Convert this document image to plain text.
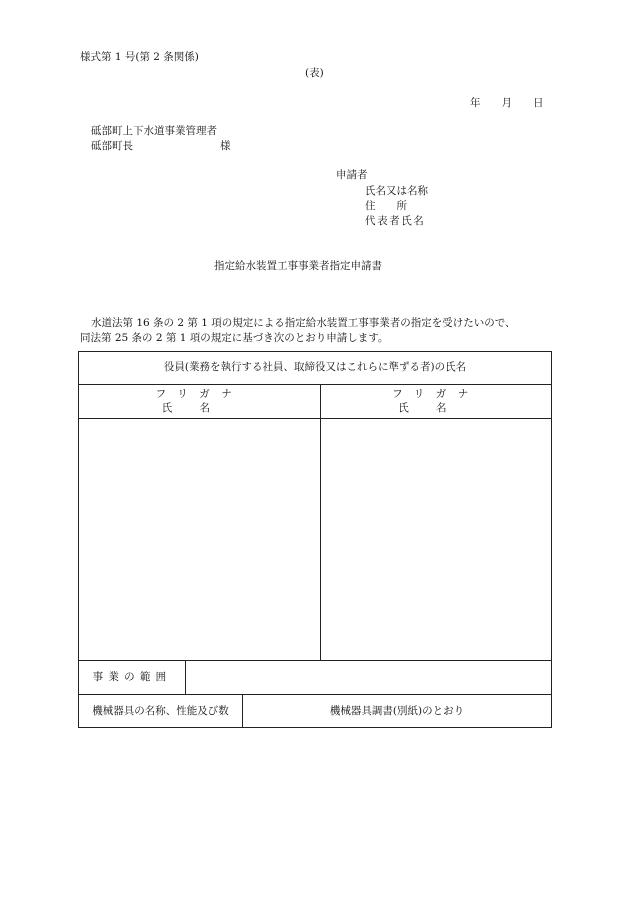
様式第 1 号(第 2 条関係)
(表)
年　　月　　日
砥部町上下水道事業管理者
砥部町長	様
申請者
氏名又は名称
住　　所
代表者氏名
指定給水装置工事事業者指定申請書
水道法第 16 条の 2 第 1 項の規定による指定給水装置工事事業者の指定を受けたいので、
同法第 25 条の 2 第 1 項の規定に基づき次のとおり申請します。
役員(業務を執行する社員、取締役又はこれらに準ずる者)の氏名
フリガナ
氏名
フリガナ
氏名
事業の範囲
機械器具の名称、性能及び数	機械器具調書(別紙)のとおり
